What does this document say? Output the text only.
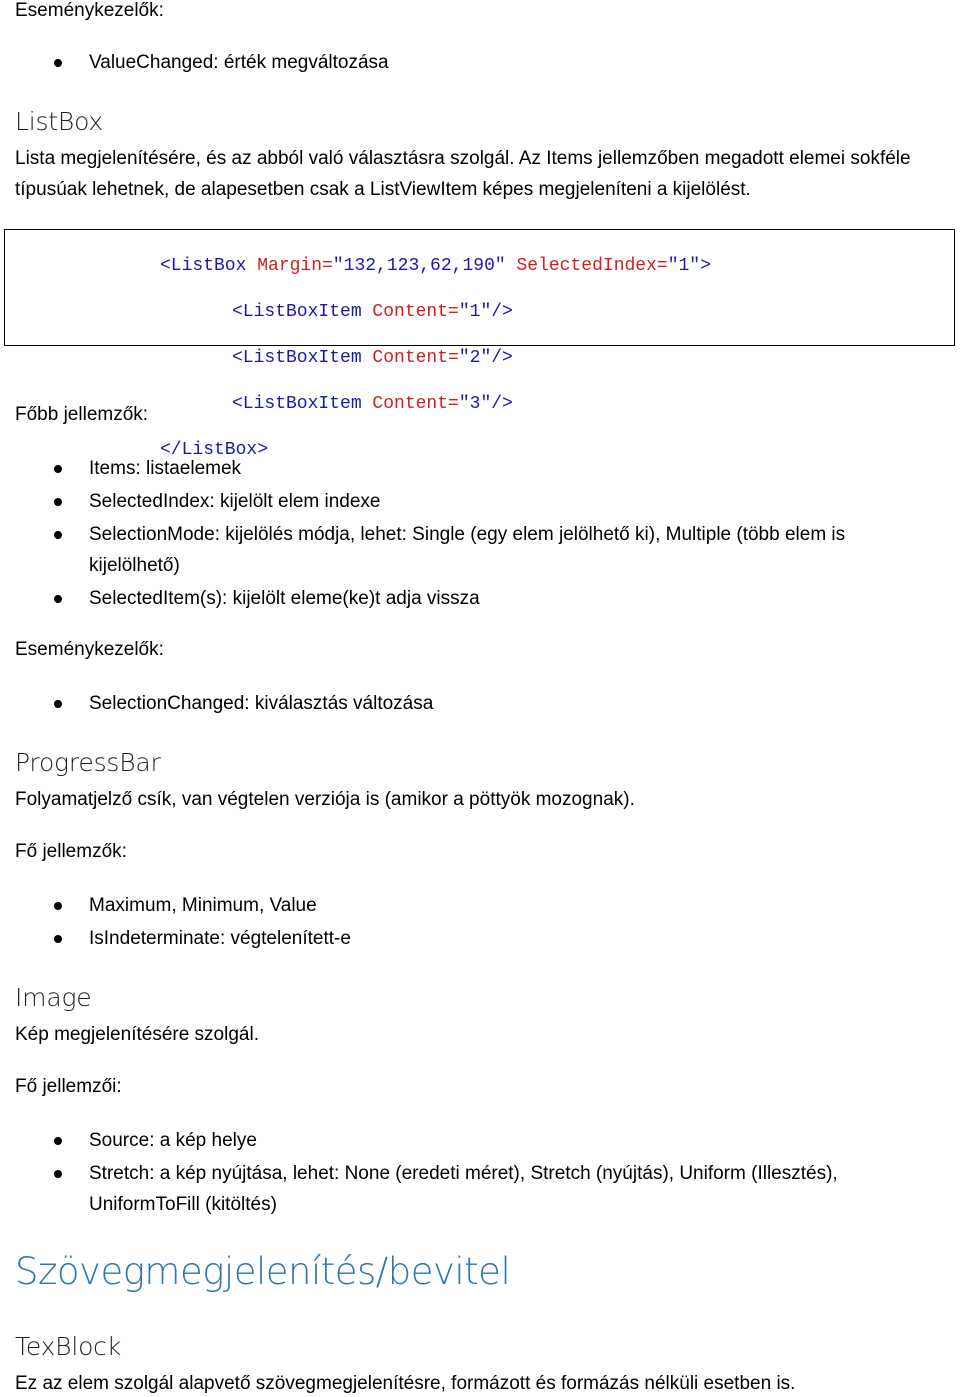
Eseménykezelők:
ValueChanged: érték megváltozása
ListBox
Lista megjelenítésére, és az abból való választásra szolgál. Az Items jellemzőben megadott elemei sokféle típusúak lehetnek, de alapesetben csak a ListViewItem képes megjeleníteni a kijelölést.

<ListBox Margin="132,123,62,190" SelectedIndex="1">

<ListBoxItem Content="1"/>

<ListBoxItem Content="2"/>

<ListBoxItem Content="3"/>

</ListBox>

Főbb jellemzők:
Items: listaelemek
SelectedIndex: kijelölt elem indexe
SelectionMode: kijelölés módja, lehet: Single (egy elem jelölhető ki), Multiple (több elem is kijelölhető)
SelectedItem(s): kijelölt eleme(ke)t adja vissza
Eseménykezelők:
SelectionChanged: kiválasztás változása
ProgressBar
Folyamatjelző csík, van végtelen verziója is (amikor a pöttyök mozognak).
Fő jellemzők:
Maximum, Minimum, Value
IsIndeterminate: végtelenített-e
Image
Kép megjelenítésére szolgál.
Fő jellemzői:
Source: a kép helye
Stretch: a kép nyújtása, lehet: None (eredeti méret), Stretch (nyújtás), Uniform (Illesztés), UniformToFill (kitöltés)
Szövegmegjelenítés/bevitel
TexBlock
Ez az elem szolgál alapvető szövegmegjelenítésre, formázott és formázás nélküli esetben is.
